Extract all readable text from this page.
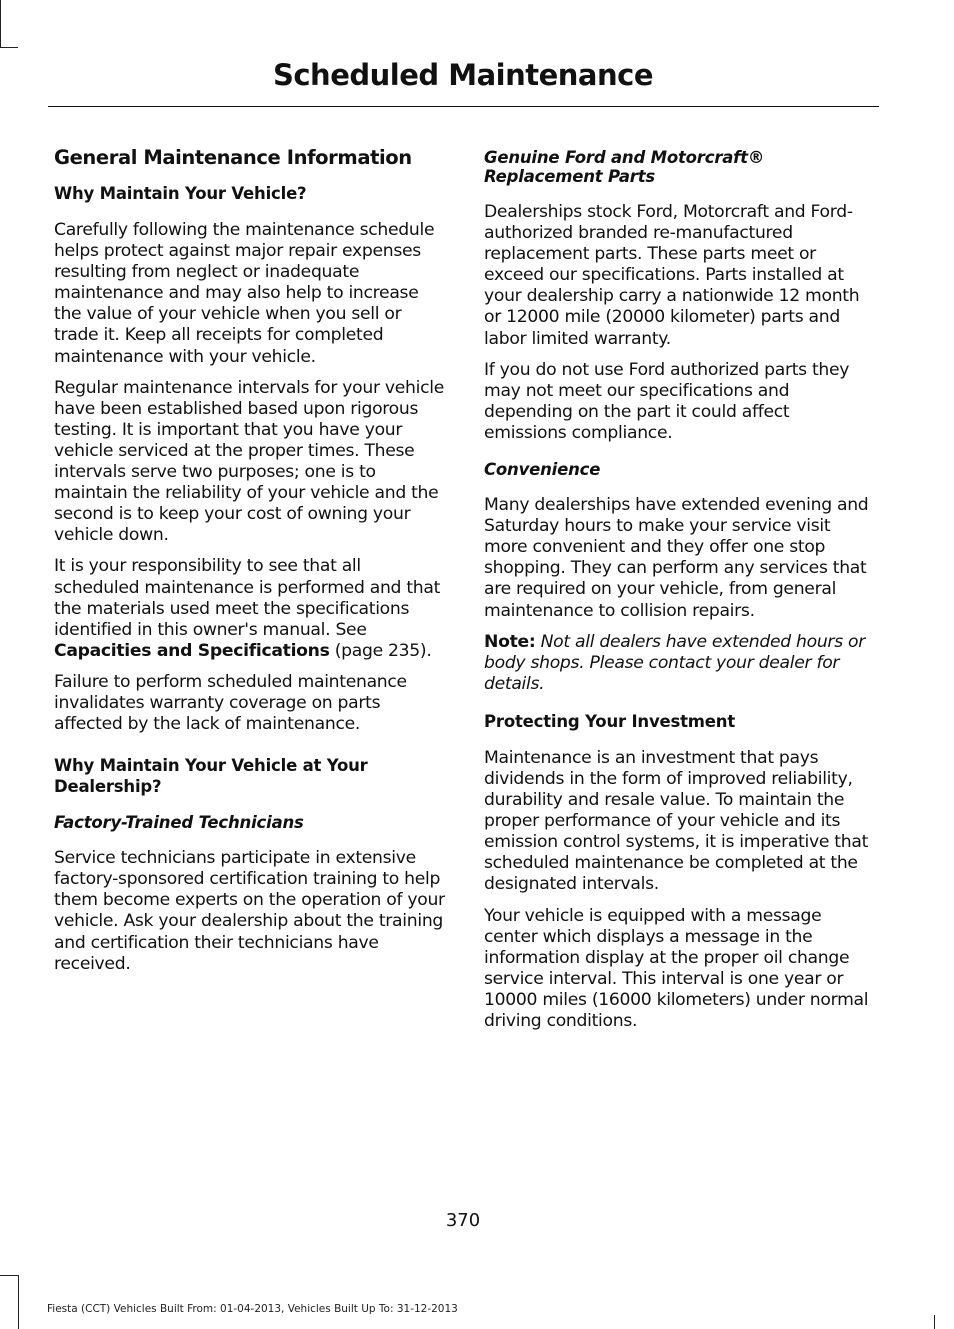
Scheduled Maintenance
General Maintenance Information
Why Maintain Your Vehicle?

Carefully following the maintenance schedule helps protect against major repair expenses resulting from neglect or inadequate maintenance and may also help to increase the value of your vehicle when you sell or trade it. Keep all receipts for completed maintenance with your vehicle.

Regular maintenance intervals for your vehicle have been established based upon rigorous testing. It is important that you have your vehicle serviced at the proper times. These intervals serve two purposes; one is to maintain the reliability of your vehicle and the second is to keep your cost of owning your vehicle down.

It is your responsibility to see that all scheduled maintenance is performed and that the materials used meet the specifications identified in this owner's manual. See Capacities and Specifications (page 235).

Failure to perform scheduled maintenance invalidates warranty coverage on parts affected by the lack of maintenance.

Why Maintain Your Vehicle at Your Dealership?
Factory-Trained Technicians

Service technicians participate in extensive factory-sponsored certification training to help them become experts on the operation of your vehicle. Ask your dealership about the training and certification their technicians have received.

Genuine Ford and Motorcraft® Replacement Parts

Dealerships stock Ford, Motorcraft and Ford-authorized branded re-manufactured replacement parts. These parts meet or exceed our specifications. Parts installed at your dealership carry a nationwide 12 month or 12000 mile (20000 kilometer) parts and labor limited warranty.

If you do not use Ford authorized parts they may not meet our specifications and depending on the part it could affect emissions compliance.

Convenience

Many dealerships have extended evening and Saturday hours to make your service visit more convenient and they offer one stop shopping. They can perform any services that are required on your vehicle, from general maintenance to collision repairs.

Note: Not all dealers have extended hours or body shops. Please contact your dealer for details.

Protecting Your Investment

Maintenance is an investment that pays dividends in the form of improved reliability, durability and resale value. To maintain the proper performance of your vehicle and its emission control systems, it is imperative that scheduled maintenance be completed at the designated intervals.

Your vehicle is equipped with a message center which displays a message in the information display at the proper oil change service interval. This interval is one year or 10000 miles (16000 kilometers) under normal driving conditions.

370
Fiesta (CCT) Vehicles Built From: 01-04-2013, Vehicles Built Up To: 31-12-2013
